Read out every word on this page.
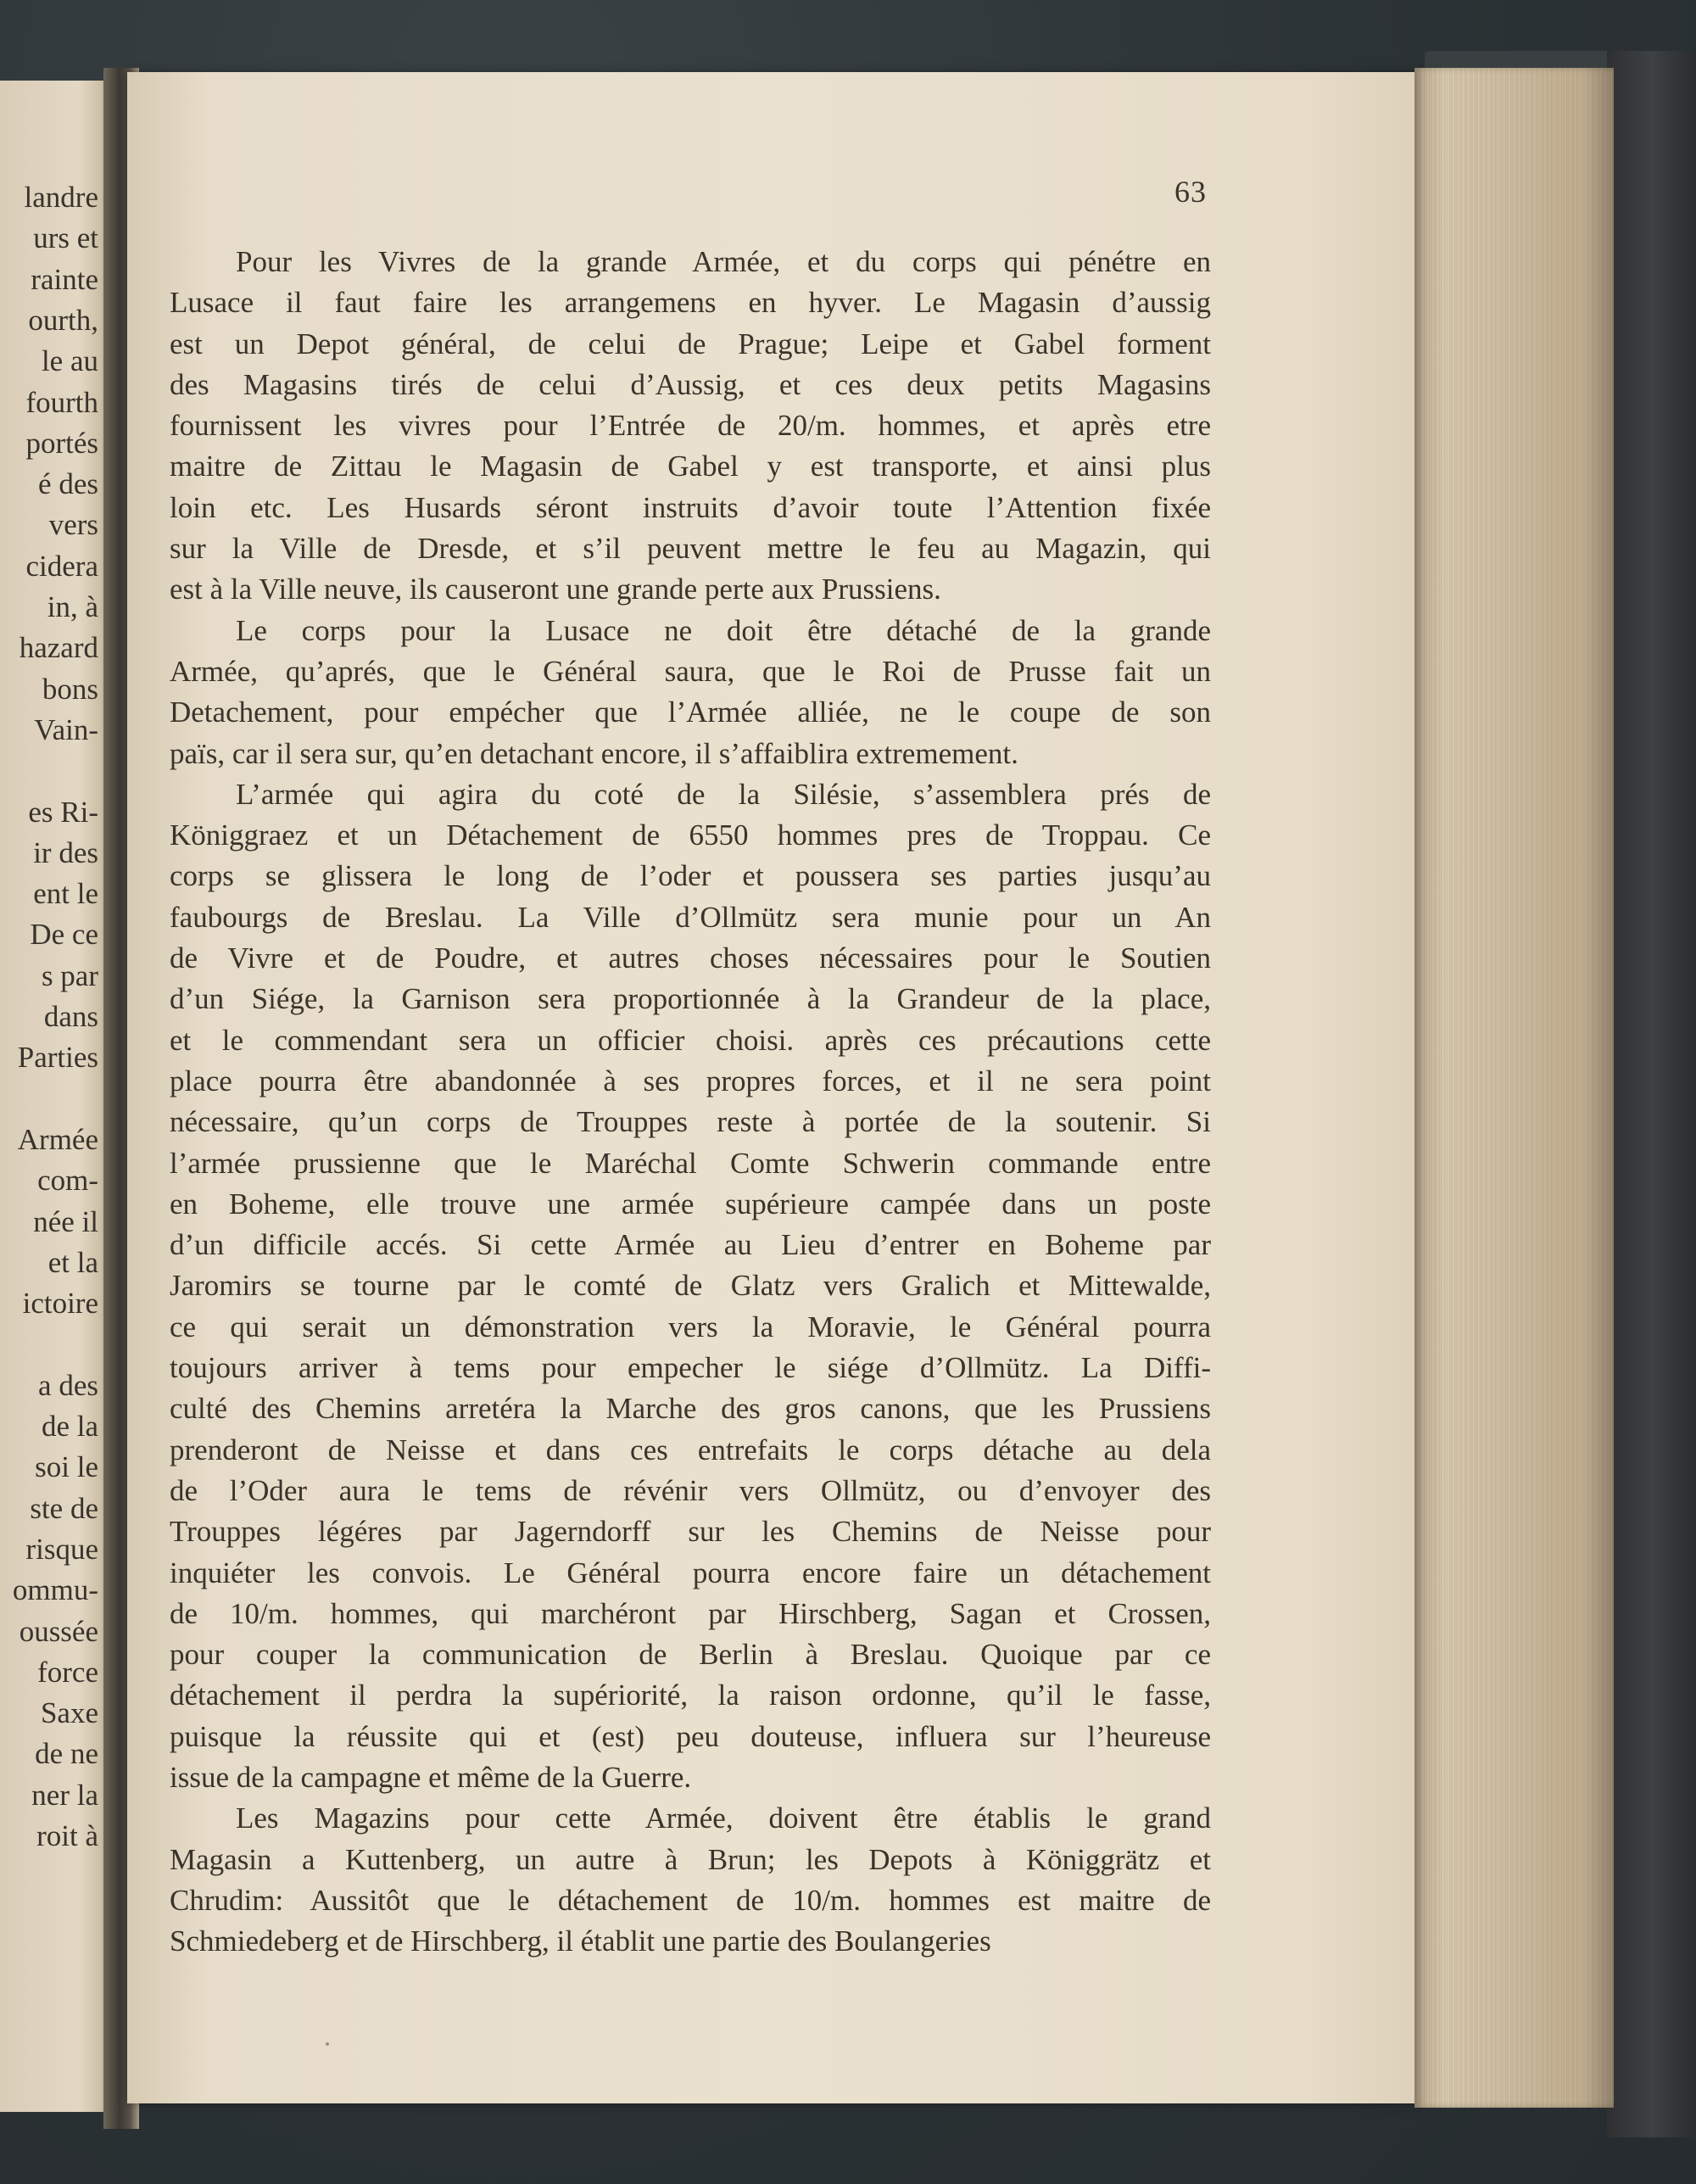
landre
urs et
rainte
ourth,
le au
fourth
portés
é des
vers
cidera
in, à
hazard
bons
Vain-
es Ri-
ir des
ent le
De ce
s par
dans
Parties
Armée
com-
née il
et la
ictoire
a des
de la
soi le
ste de
risque
ommu-
oussée
force
Saxe
de ne
ner la
roit à
63
Pour les Vivres de la grande Armée, et du corps qui pénétre en
Lusace il faut faire les arrangemens en hyver. Le Magasin d’aussig
est un Depot général, de celui de Prague; Leipe et Gabel forment
des Magasins tirés de celui d’Aussig, et ces deux petits Magasins
fournissent les vivres pour l’Entrée de 20/m. hommes, et après etre
maitre de Zittau le Magasin de Gabel y est transporte, et ainsi plus
loin etc. Les Husards séront instruits d’avoir toute l’Attention fixée
sur la Ville de Dresde, et s’il peuvent mettre le feu au Magazin, qui
est à la Ville neuve, ils causeront une grande perte aux Prussiens.
Le corps pour la Lusace ne doit être détaché de la grande
Armée, qu’aprés, que le Général saura, que le Roi de Prusse fait un
Detachement, pour empécher que l’Armée alliée, ne le coupe de son
païs, car il sera sur, qu’en detachant encore, il s’affaiblira extremement.
L’armée qui agira du coté de la Silésie, s’assemblera prés de
Königgraez et un Détachement de 6550 hommes pres de Troppau. Ce
corps se glissera le long de l’oder et poussera ses parties jusqu’au
faubourgs de Breslau. La Ville d’Ollmütz sera munie pour un An
de Vivre et de Poudre, et autres choses nécessaires pour le Soutien
d’un Siége, la Garnison sera proportionnée à la Grandeur de la place,
et le commendant sera un officier choisi. après ces précautions cette
place pourra être abandonnée à ses propres forces, et il ne sera point
nécessaire, qu’un corps de Trouppes reste à portée de la soutenir. Si
l’armée prussienne que le Maréchal Comte Schwerin commande entre
en Boheme, elle trouve une armée supérieure campée dans un poste
d’un difficile accés. Si cette Armée au Lieu d’entrer en Boheme par
Jaromirs se tourne par le comté de Glatz vers Gralich et Mittewalde,
ce qui serait un démonstration vers la Moravie, le Général pourra
toujours arriver à tems pour empecher le siége d’Ollmütz. La Diffi-
culté des Chemins arretéra la Marche des gros canons, que les Prussiens
prenderont de Neisse et dans ces entrefaits le corps détache au dela
de l’Oder aura le tems de révénir vers Ollmütz, ou d’envoyer des
Trouppes légéres par Jagerndorff sur les Chemins de Neisse pour
inquiéter les convois. Le Général pourra encore faire un détachement
de 10/m. hommes, qui marchéront par Hirschberg, Sagan et Crossen,
pour couper la communication de Berlin à Breslau. Quoique par ce
détachement il perdra la supériorité, la raison ordonne, qu’il le fasse,
puisque la réussite qui et (est) peu douteuse, influera sur l’heureuse
issue de la campagne et même de la Guerre.
Les Magazins pour cette Armée, doivent être établis le grand
Magasin a Kuttenberg, un autre à Brun; les Depots à Königgrätz et
Chrudim: Aussitôt que le détachement de 10/m. hommes est maitre de
Schmiedeberg et de Hirschberg, il établit une partie des Boulangeries
